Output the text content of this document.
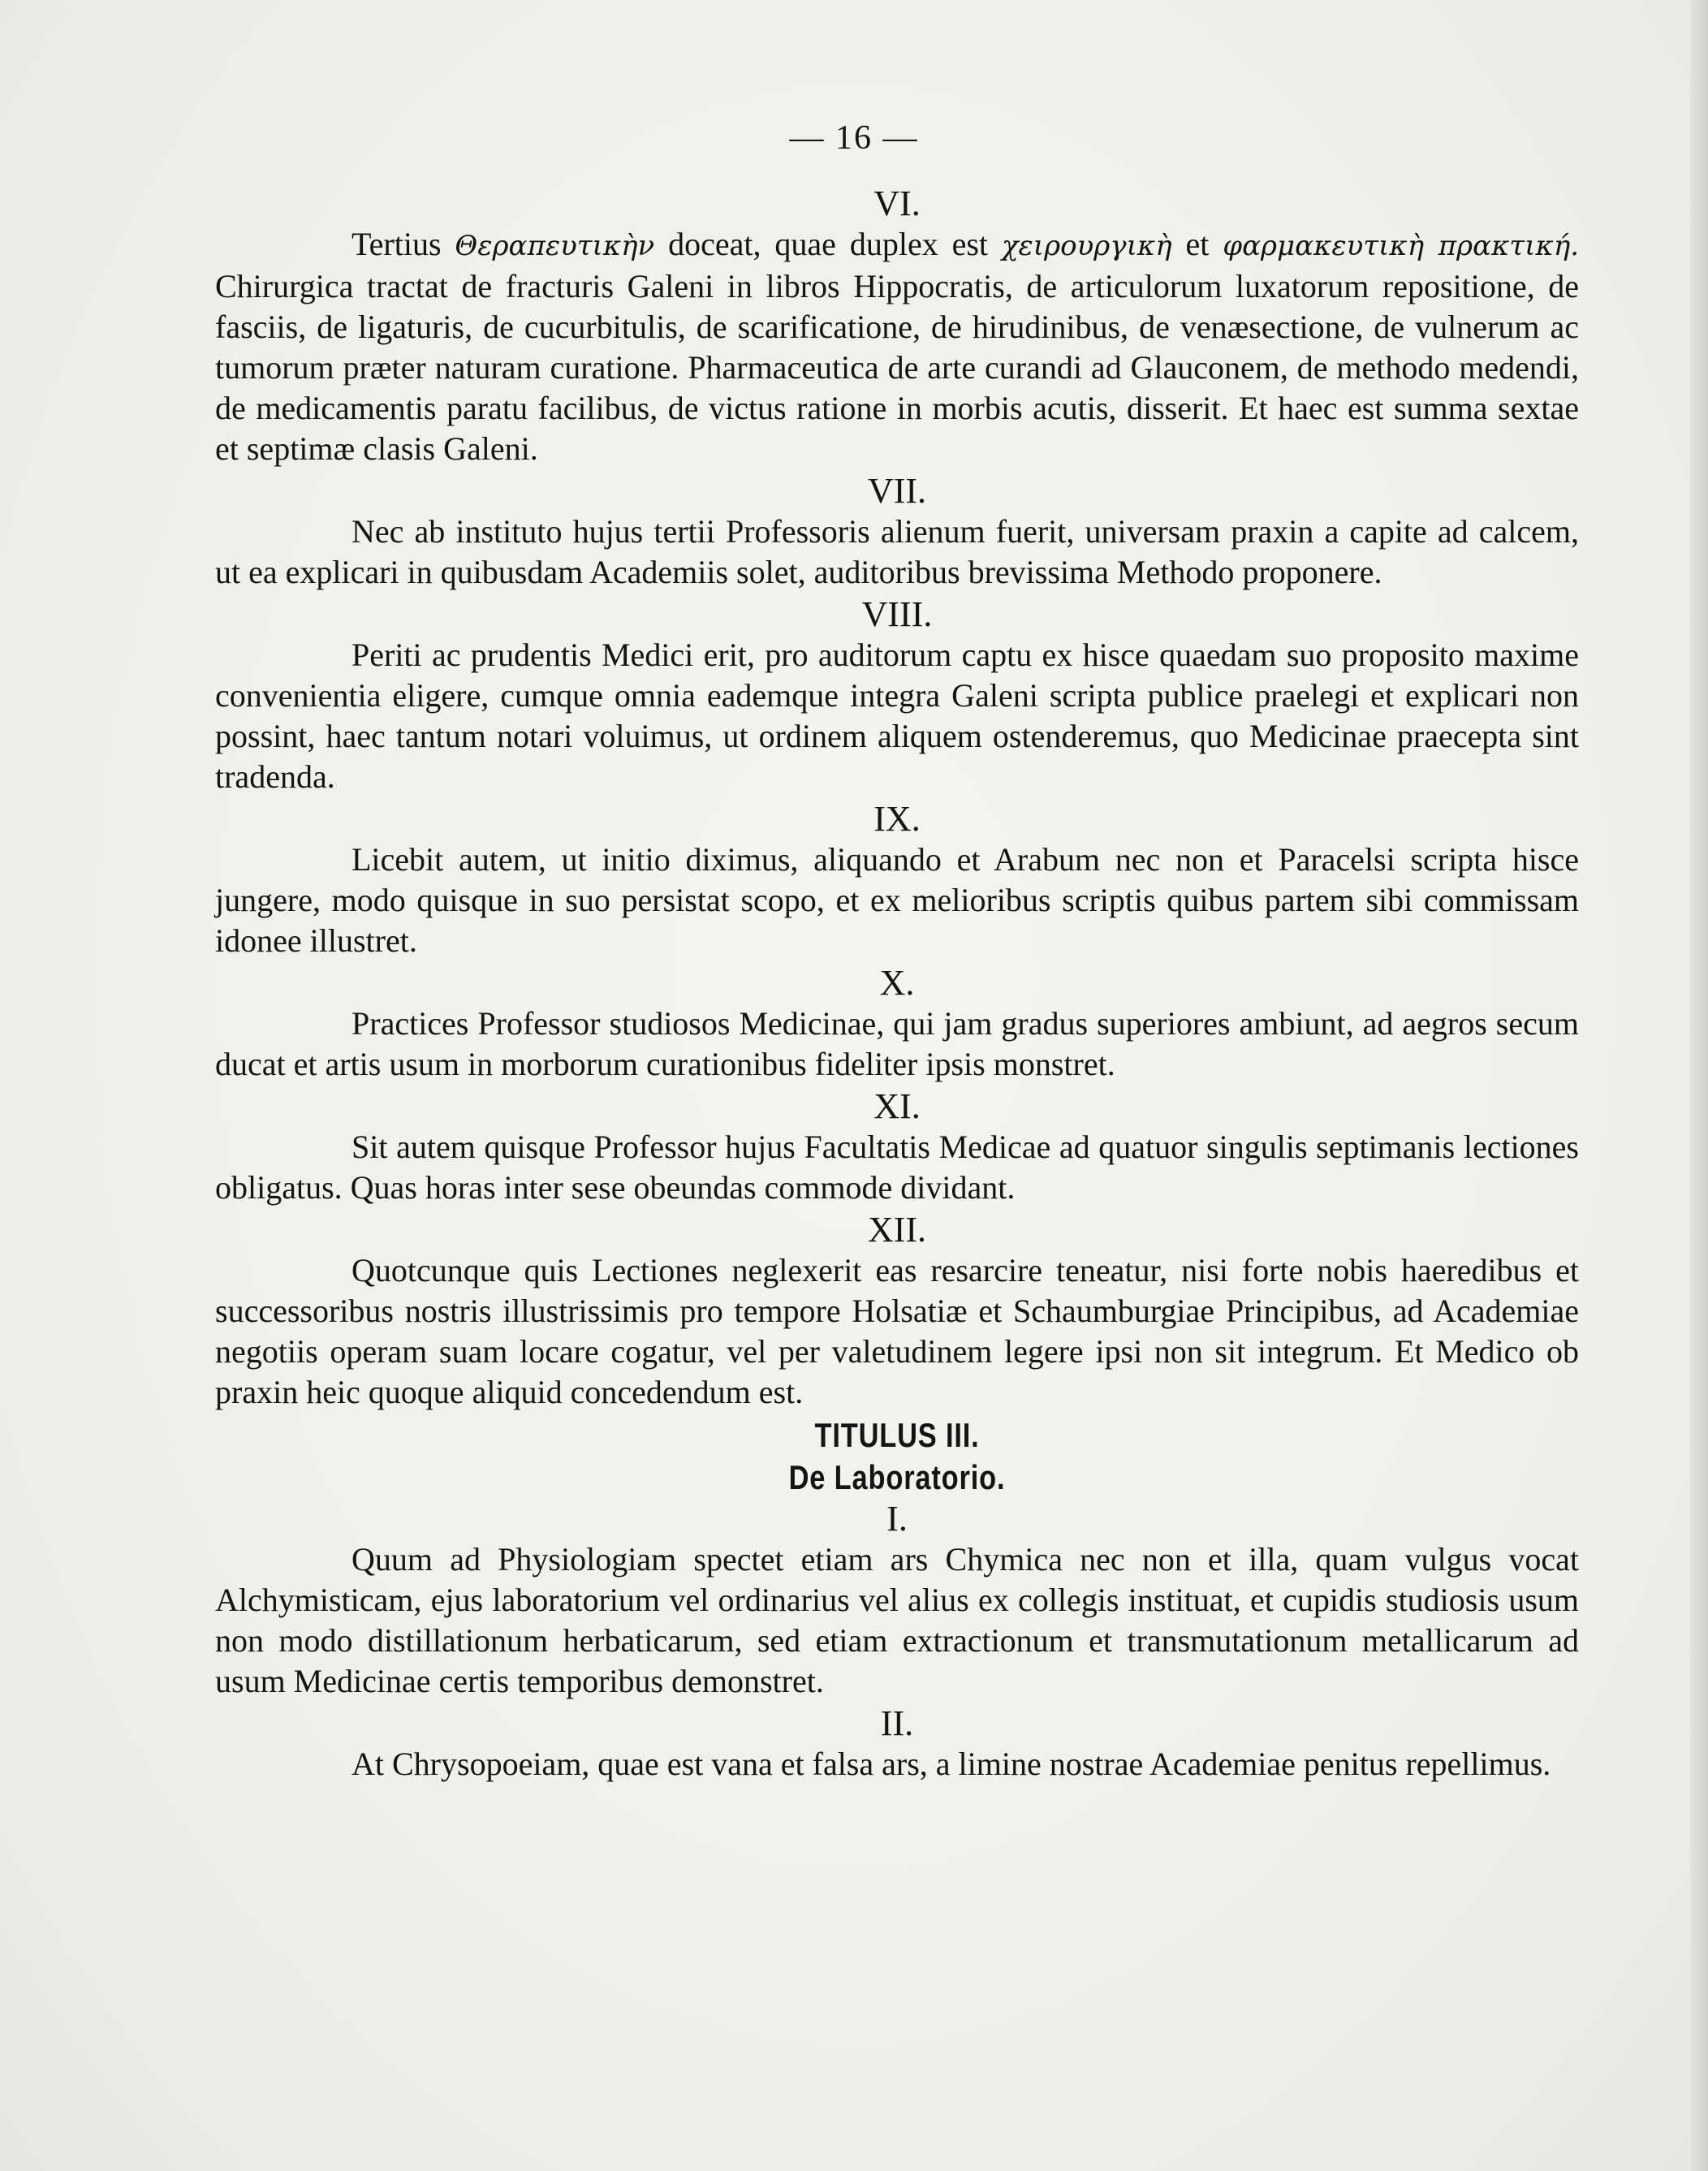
— 16 —
VI.

Tertius Θεραπευτικὴν doceat, quae duplex est χειρουργικὴ et φαρμακευτικὴ πρακτική. Chirurgica tractat de fracturis Galeni in libros Hippocratis, de articulorum luxatorum repositione, de fasciis, de ligaturis, de cucurbitulis, de scarificatione, de hirudinibus, de venæsectione, de vulnerum ac tumorum præter naturam curatione. Pharmaceutica de arte curandi ad Glauconem, de methodo medendi, de medicamentis paratu facilibus, de victus ratione in morbis acutis, disserit. Et haec est summa sextae et septimæ clasis Galeni.

VII.

Nec ab instituto hujus tertii Professoris alienum fuerit, universam praxin a capite ad calcem, ut ea explicari in quibusdam Academiis solet, auditoribus brevissima Methodo proponere.

VIII.

Periti ac prudentis Medici erit, pro auditorum captu ex hisce quaedam suo proposito maxime convenientia eligere, cumque omnia eademque integra Galeni scripta publice praelegi et explicari non possint, haec tantum notari voluimus, ut ordinem aliquem ostenderemus, quo Medicinae praecepta sint tradenda.

IX.

Licebit autem, ut initio diximus, aliquando et Arabum nec non et Paracelsi scripta hisce jungere, modo quisque in suo persistat scopo, et ex melioribus scriptis quibus partem sibi commissam idonee illustret.

X.

Practices Professor studiosos Medicinae, qui jam gradus superiores ambiunt, ad aegros secum ducat et artis usum in morborum curationibus fideliter ipsis monstret.

XI.

Sit autem quisque Professor hujus Facultatis Medicae ad quatuor singulis septimanis lectiones obligatus. Quas horas inter sese obeundas commode dividant.

XII.

Quotcunque quis Lectiones neglexerit eas resarcire teneatur, nisi forte nobis haeredibus et successoribus nostris illustrissimis pro tempore Holsatiæ et Schaumburgiae Principibus, ad Academiae negotiis operam suam locare cogatur, vel per valetudinem legere ipsi non sit integrum. Et Medico ob praxin heic quoque aliquid concedendum est.

TITULUS III.
De Laboratorio.
I.

Quum ad Physiologiam spectet etiam ars Chymica nec non et illa, quam vulgus vocat Alchymisticam, ejus laboratorium vel ordinarius vel alius ex collegis instituat, et cupidis studiosis usum non modo distillationum herbaticarum, sed etiam extractionum et transmutationum metallicarum ad usum Medicinae certis temporibus demonstret.

II.

At Chrysopoeiam, quae est vana et falsa ars, a limine nostrae Academiae penitus repellimus.
